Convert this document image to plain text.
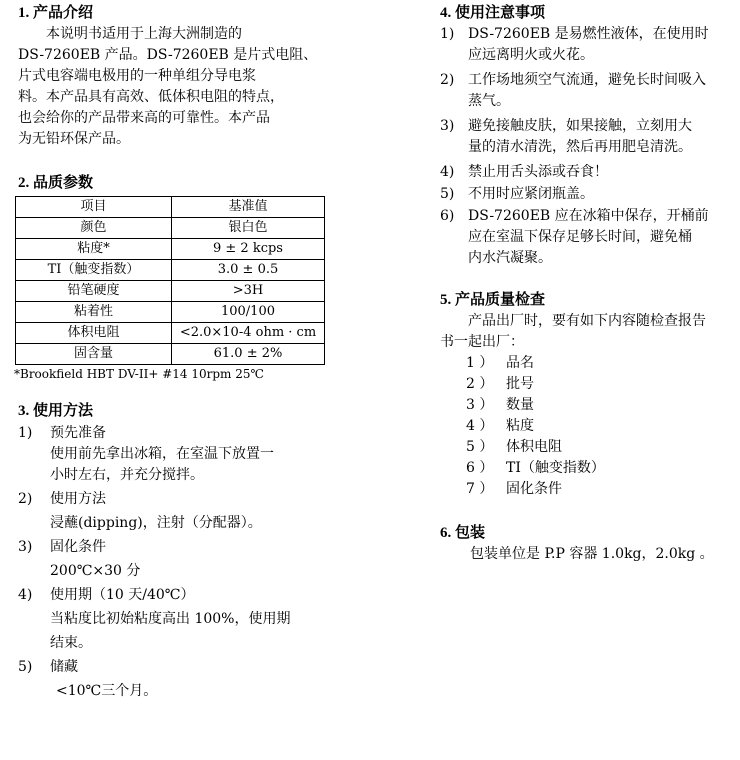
1. 产品介绍

本说明书适用于上海大洲制造的

DS-7260EB 产品。DS-7260EB 是片式电阻、

片式电容端电极用的一种单组分导电浆

料。本产品具有高效、低体积电阻的特点，

也会给你的产品带来高的可靠性。本产品

为无铅环保产品。

2. 品质参数
项目	基准值
颜色	银白色
粘度*	9 ± 2 kcps
TI（触变指数）	3.0 ± 0.5
铅笔硬度	>3H
粘着性	100/100
体积电阻	<2.0×10-4 ohm · cm
固含量	61.0 ± 2%

*Brookfield HBT DV-II+ #14 10rpm 25℃

3. 使用方法
1)	预先准备

使用前先拿出冰箱，在室温下放置一

小时左右，并充分搅拌。

2)	使用方法

浸蘸(dipping)，注射（分配器）。

3)	固化条件

200℃×30 分

4)	使用期（10 天/40℃）

当粘度比初始粘度高出 100%，使用期

结束。

5)	储藏

<10℃三个月。

4. 使用注意事项
1) DS-7260EB 是易燃性液体，在使用时

应远离明火或火花。

2) 工作场地须空气流通，避免长时间吸入

蒸气。

3) 避免接触皮肤，如果接触，立刻用大

量的清水清洗，然后再用肥皂清洗。

4) 禁止用舌头添或吞食！

5) 不用时应紧闭瓶盖。

6) DS-7260EB 应在冰箱中保存，开桶前

应在室温下保存足够长时间，避免桶

内水汽凝聚。

5. 产品质量检查

产品出厂时，要有如下内容随检查报告

书一起出厂：

1 ） 品名
2 ） 批号
3 ） 数量
4 ） 粘度
5 ） 体积电阻
6 ） TI（触变指数）
7 ） 固化条件
6. 包装

包装单位是 P.P 容器 1.0kg，2.0kg 。
